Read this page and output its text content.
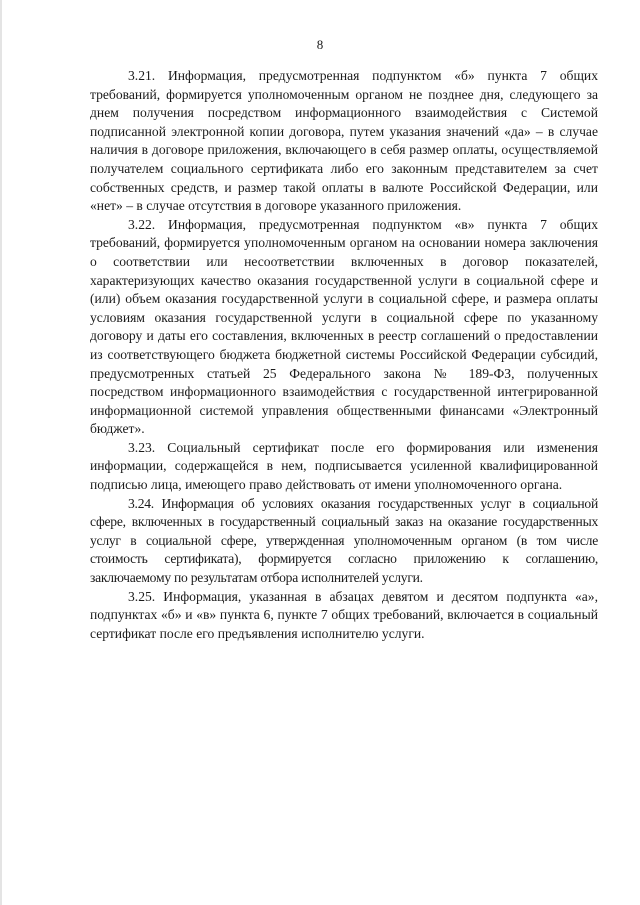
8

3.21. Информация, предусмотренная подпунктом «б» пункта 7 общих требований, формируется уполномоченным органом не позднее дня, следующего за днем получения посредством информационного взаимодействия с Системой подписанной электронной копии договора, путем указания значений «да» – в случае наличия в договоре приложения, включающего в себя размер оплаты, осуществляемой получателем социального сертификата либо его законным представителем за счет собственных средств, и размер такой оплаты в валюте Российской Федерации, или «нет» – в случае отсутствия в договоре указанного приложения.

3.22. Информация, предусмотренная подпунктом «в» пункта 7 общих требований, формируется уполномоченным органом на основании номера заключения о соответствии или несоответствии включенных в договор показателей, характеризующих качество оказания государственной услуги в социальной сфере и (или) объем оказания государственной услуги в социальной сфере, и размера оплаты условиям оказания государственной услуги в социальной сфере по указанному договору и даты его составления, включенных в реестр соглашений о предоставлении из соответствующего бюджета бюджетной системы Российской Федерации субсидий, предусмотренных статьей 25 Федерального закона № 189-ФЗ, полученных посредством информационного взаимодействия с государственной интегрированной информационной системой управления общественными финансами «Электронный бюджет».

3.23. Социальный сертификат после его формирования или изменения информации, содержащейся в нем, подписывается усиленной квалифицированной подписью лица, имеющего право действовать от имени уполномоченного органа.

3.24. Информация об условиях оказания государственных услуг в социальной сфере, включенных в государственный социальный заказ на оказание государственных услуг в социальной сфере, утвержденная уполномоченным органом (в том числе стоимость сертификата), формируется согласно приложению к соглашению, заключаемому по результатам отбора исполнителей услуги.

3.25. Информация, указанная в абзацах девятом и десятом подпункта «а», подпунктах «б» и «в» пункта 6, пункте 7 общих требований, включается в социальный сертификат после его предъявления исполнителю услуги.
